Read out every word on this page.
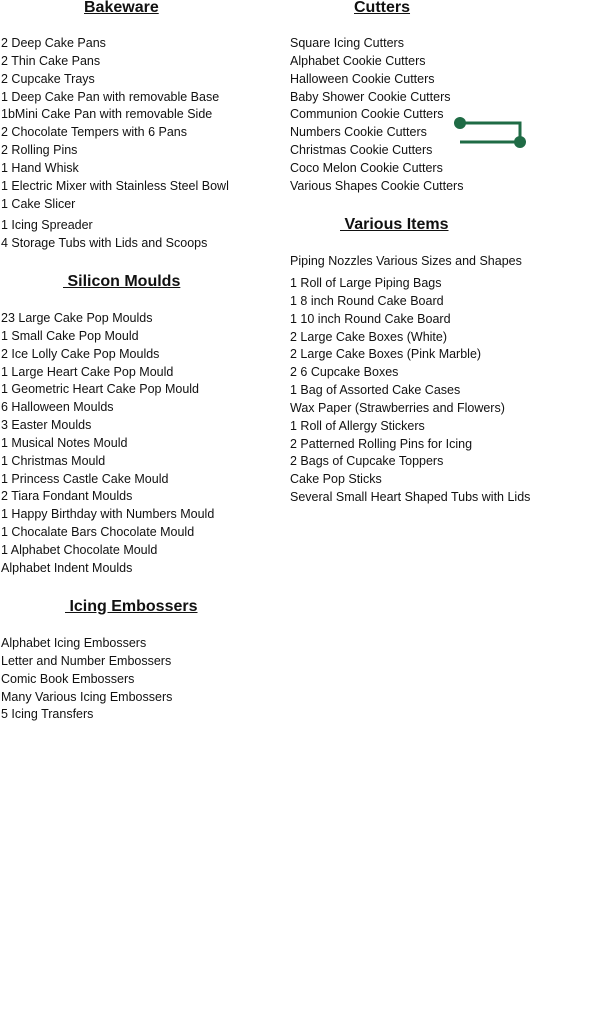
Bakeware
2 Deep Cake Pans
2 Thin Cake Pans
2 Cupcake Trays
1 Deep Cake Pan with removable Base
1bMini Cake Pan with removable Side
2 Chocolate Tempers with 6 Pans
2 Rolling Pins
1 Hand Whisk
1 Electric Mixer with Stainless Steel Bowl
1 Cake Slicer
1 Icing Spreader
4 Storage Tubs with Lids and Scoops
Silicon Moulds
23 Large Cake Pop Moulds
1 Small Cake Pop Mould
2 Ice Lolly Cake Pop Moulds
1 Large Heart Cake Pop Mould
1 Geometric Heart Cake Pop Mould
6 Halloween Moulds
3 Easter Moulds
1 Musical Notes Mould
1 Christmas Mould
1 Princess Castle Cake Mould
2 Tiara Fondant Moulds
1 Happy Birthday with Numbers Mould
1 Chocalate Bars Chocolate Mould
1 Alphabet Chocolate Mould
Alphabet Indent Moulds
Icing Embossers
Alphabet Icing Embossers
Letter and Number Embossers
Comic Book Embossers
Many Various Icing Embossers
5 Icing Transfers
Cutters
Square Icing Cutters
Alphabet Cookie Cutters
Halloween Cookie Cutters
Baby Shower Cookie Cutters
Communion Cookie Cutters
Numbers Cookie Cutters
Christmas Cookie Cutters
Coco Melon Cookie Cutters
Various Shapes Cookie Cutters
Various Items
Piping Nozzles Various Sizes and Shapes
1 Roll of Large Piping Bags
1 8 inch Round Cake Board
1 10 inch Round Cake Board
2 Large Cake Boxes (White)
2 Large Cake Boxes (Pink Marble)
2 6 Cupcake Boxes
1 Bag of Assorted Cake Cases
Wax Paper (Strawberries and Flowers)
1 Roll of Allergy Stickers
2 Patterned Rolling Pins for Icing
2 Bags of Cupcake Toppers
Cake Pop Sticks
Several Small Heart Shaped Tubs with Lids
